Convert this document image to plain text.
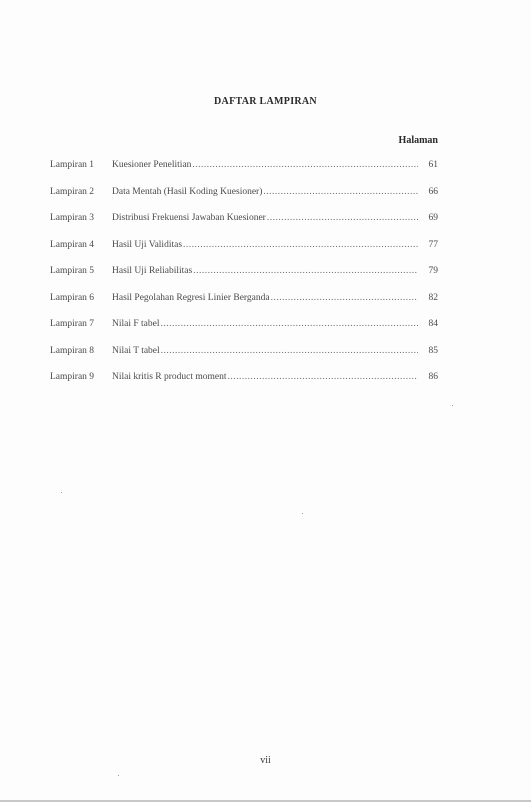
DAFTAR LAMPIRAN
Halaman
Lampiran 1	Kuesioner Penelitian .....	61
Lampiran 2	Data Mentah (Hasil Koding Kuesioner) .....	66
Lampiran 3	Distribusi Frekuensi Jawaban Kuesioner .....	69
Lampiran 4	Hasil Uji Validitas .....	77
Lampiran 5	Hasil Uji Reliabilitas .....	79
Lampiran 6	Hasil Pegolahan Regresi Linier Berganda .....	82
Lampiran 7	Nilai F tabel .....	84
Lampiran 8	Nilai T tabel .....	85
Lampiran 9	Nilai kritis R product moment .....	86
vii
